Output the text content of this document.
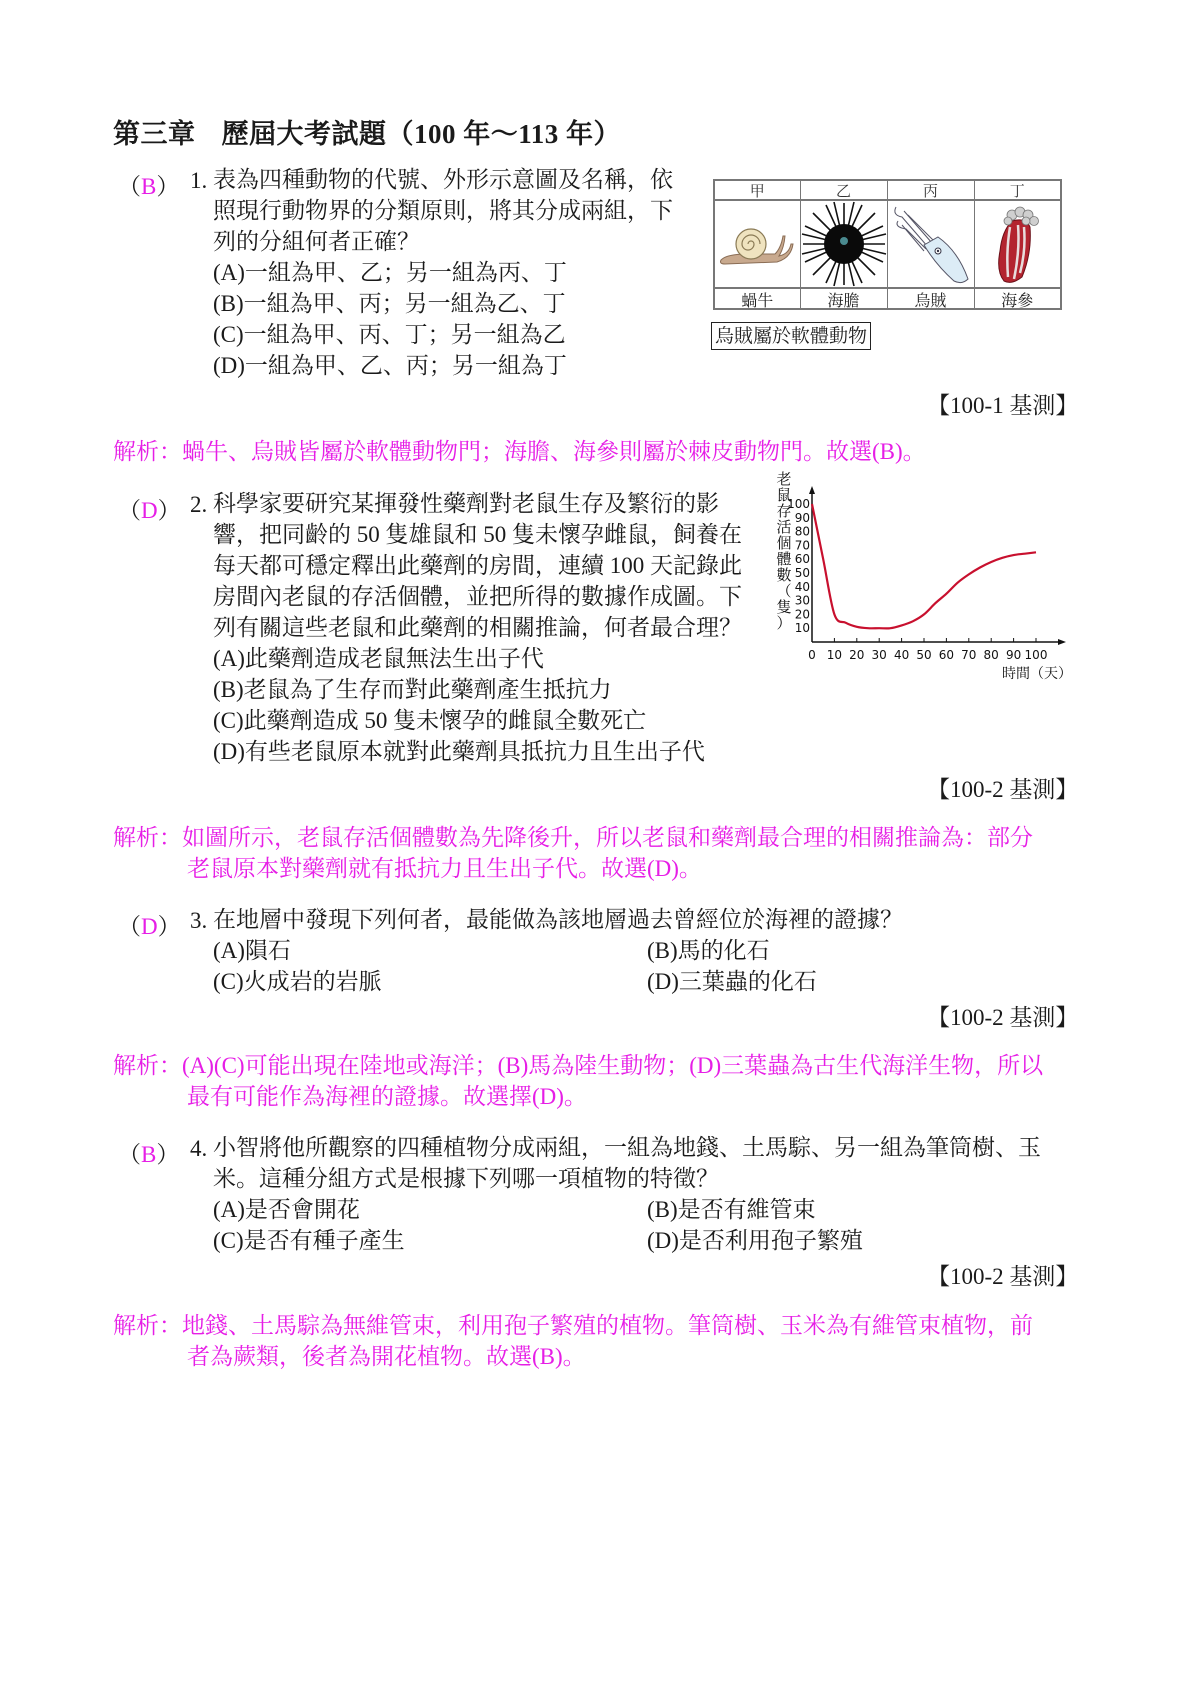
第三章 歷屆大考試題（100 年～113 年）
（B） 1. 表為四種動物的代號、外形示意圖及名稱，依
照現行動物界的分類原則，將其分成兩組，下
列的分組何者正確？
(A)一組為甲、乙；另一組為丙、丁
(B)一組為甲、丙；另一組為乙、丁
(C)一組為甲、丙、丁；另一組為乙
(D)一組為甲、乙、丙；另一組為丁
甲	乙	丙	丁
蝸牛	海膽	烏賊	海參
烏賊屬於軟體動物
【100-1 基測】
解析：蝸牛、烏賊皆屬於軟體動物門；海膽、海參則屬於棘皮動物門。故選(B)。
（D） 2. 科學家要研究某揮發性藥劑對老鼠生存及繁衍的影
響，把同齡的 50 隻雄鼠和 50 隻未懷孕雌鼠，飼養在
每天都可穩定釋出此藥劑的房間，連續 100 天記錄此
房間內老鼠的存活個體，並把所得的數據作成圖。下
列有關這些老鼠和此藥劑的相關推論，何者最合理？
(A)此藥劑造成老鼠無法生出子代
(B)老鼠為了生存而對此藥劑產生抵抗力
(C)此藥劑造成 50 隻未懷孕的雌鼠全數死亡
(D)有些老鼠原本就對此藥劑具抵抗力且生出子代
0 10 20 30 40 50 60 70 80 90 100
10
20
30
40
50
60
70
80
90
100
時間（天）
老
鼠
存
活
個
體
數
（
隻
）
【100-2 基測】
解析：如圖所示，老鼠存活個體數為先降後升，所以老鼠和藥劑最合理的相關推論為：部分
老鼠原本對藥劑就有抵抗力且生出子代。故選(D)。
（D） 3. 在地層中發現下列何者，最能做為該地層過去曾經位於海裡的證據？
(A)隕石	(B)馬的化石
(C)火成岩的岩脈	(D)三葉蟲的化石
【100-2 基測】
解析：(A)(C)可能出現在陸地或海洋；(B)馬為陸生動物；(D)三葉蟲為古生代海洋生物，所以
最有可能作為海裡的證據。故選擇(D)。
（B） 4. 小智將他所觀察的四種植物分成兩組，一組為地錢、土馬騌、另一組為筆筒樹、玉
米。這種分組方式是根據下列哪一項植物的特徵？
(A)是否會開花	(B)是否有維管束
(C)是否有種子產生	(D)是否利用孢子繁殖
【100-2 基測】
解析：地錢、土馬騌為無維管束，利用孢子繁殖的植物。筆筒樹、玉米為有維管束植物，前
者為蕨類，後者為開花植物。故選(B)。
